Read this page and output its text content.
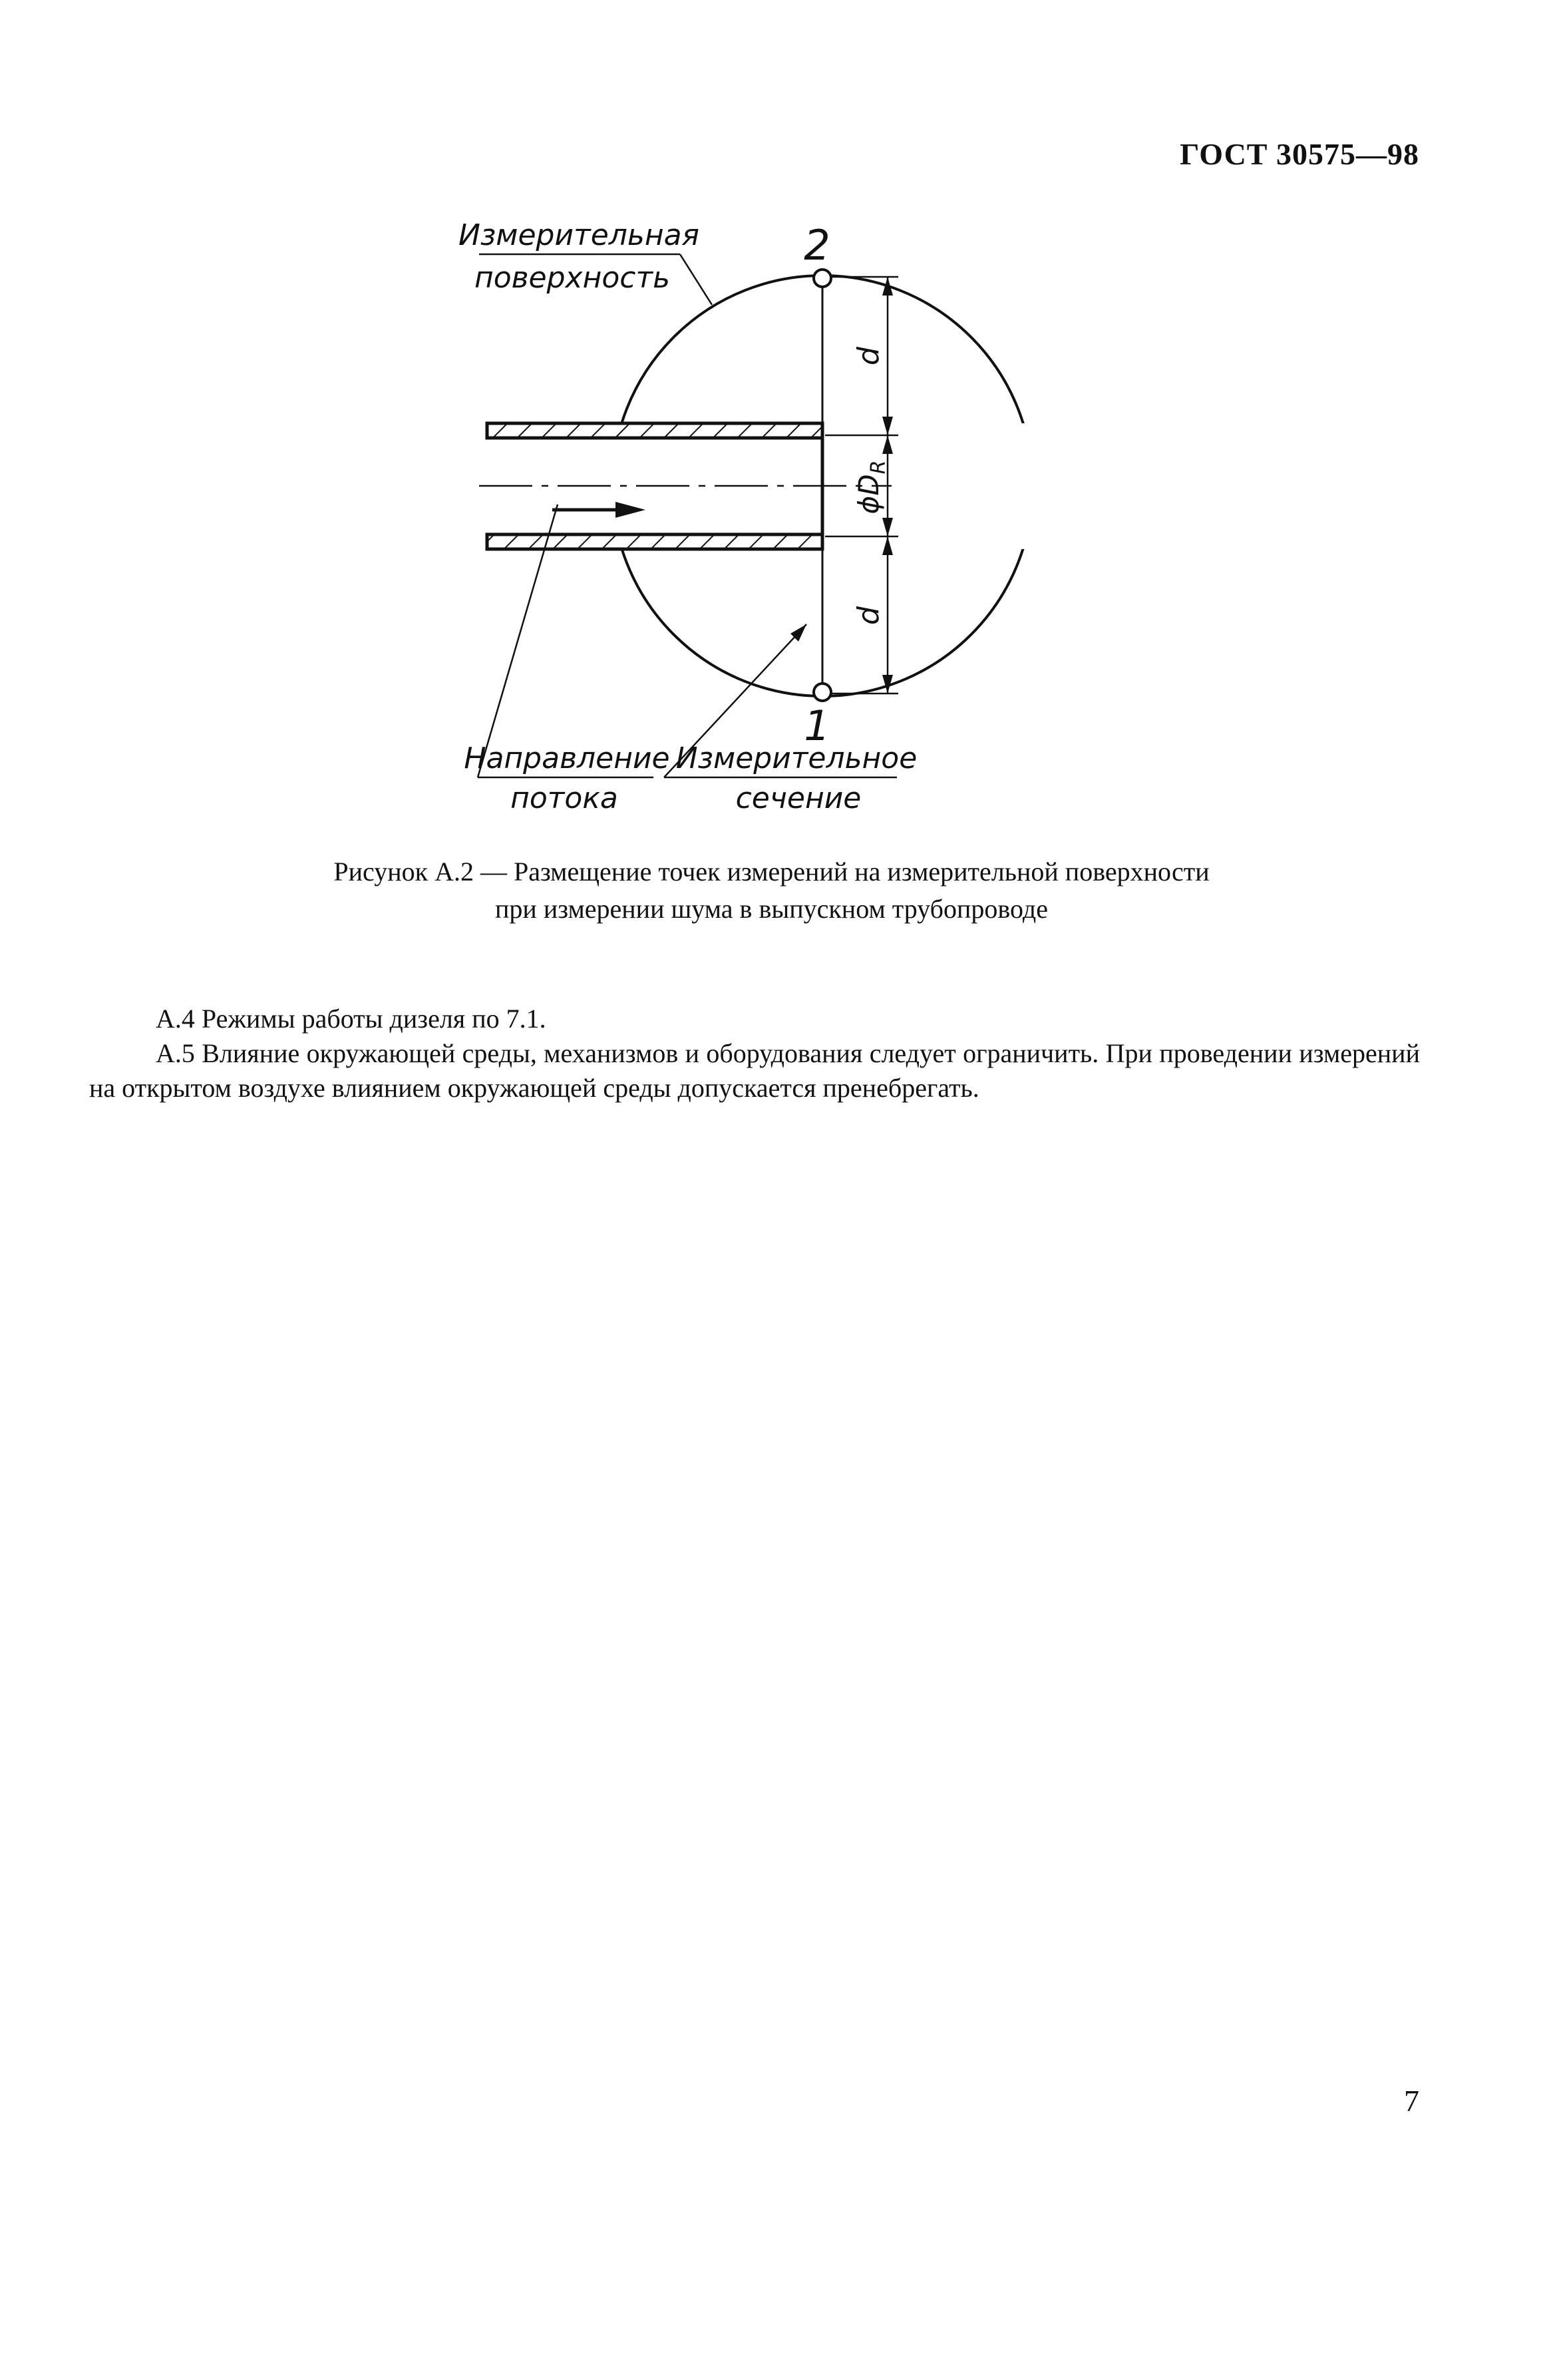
ГОСТ 30575—98
d
d
$\phi D_R$
2
1
Измерительная
поверхность
Направление
потока
Измерительное
сечение
Рисунок А.2 — Размещение точек измерений на измерительной поверхности
при измерении шума в выпускном трубопроводе

А.4 Режимы работы дизеля по 7.1.

А.5 Влияние окружающей среды, механизмов и оборудования следует ограничить. При проведении измерений на открытом воздухе влиянием окружающей среды допускается пренебрегать.

7
